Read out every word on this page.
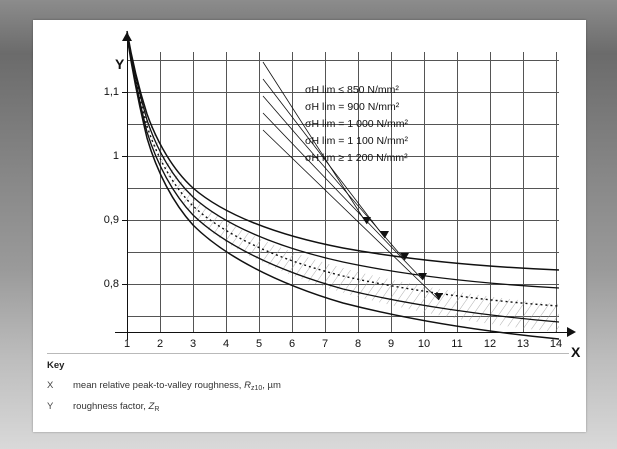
Y
X
1,1
1
0,9
0,8
1	2	3	4	5	6	7	8	9	10 11 12 13 14
σH lim ≤ 850 N/mm²
σH lim = 900 N/mm²
σH lim = 1 000 N/mm²
σH lim = 1 100 N/mm²
σH lim ≥ 1 200 N/mm²
Key
X	mean relative peak-to-valley roughness, $R_{z10}$, µm
Y	roughness factor, $Z_R$
